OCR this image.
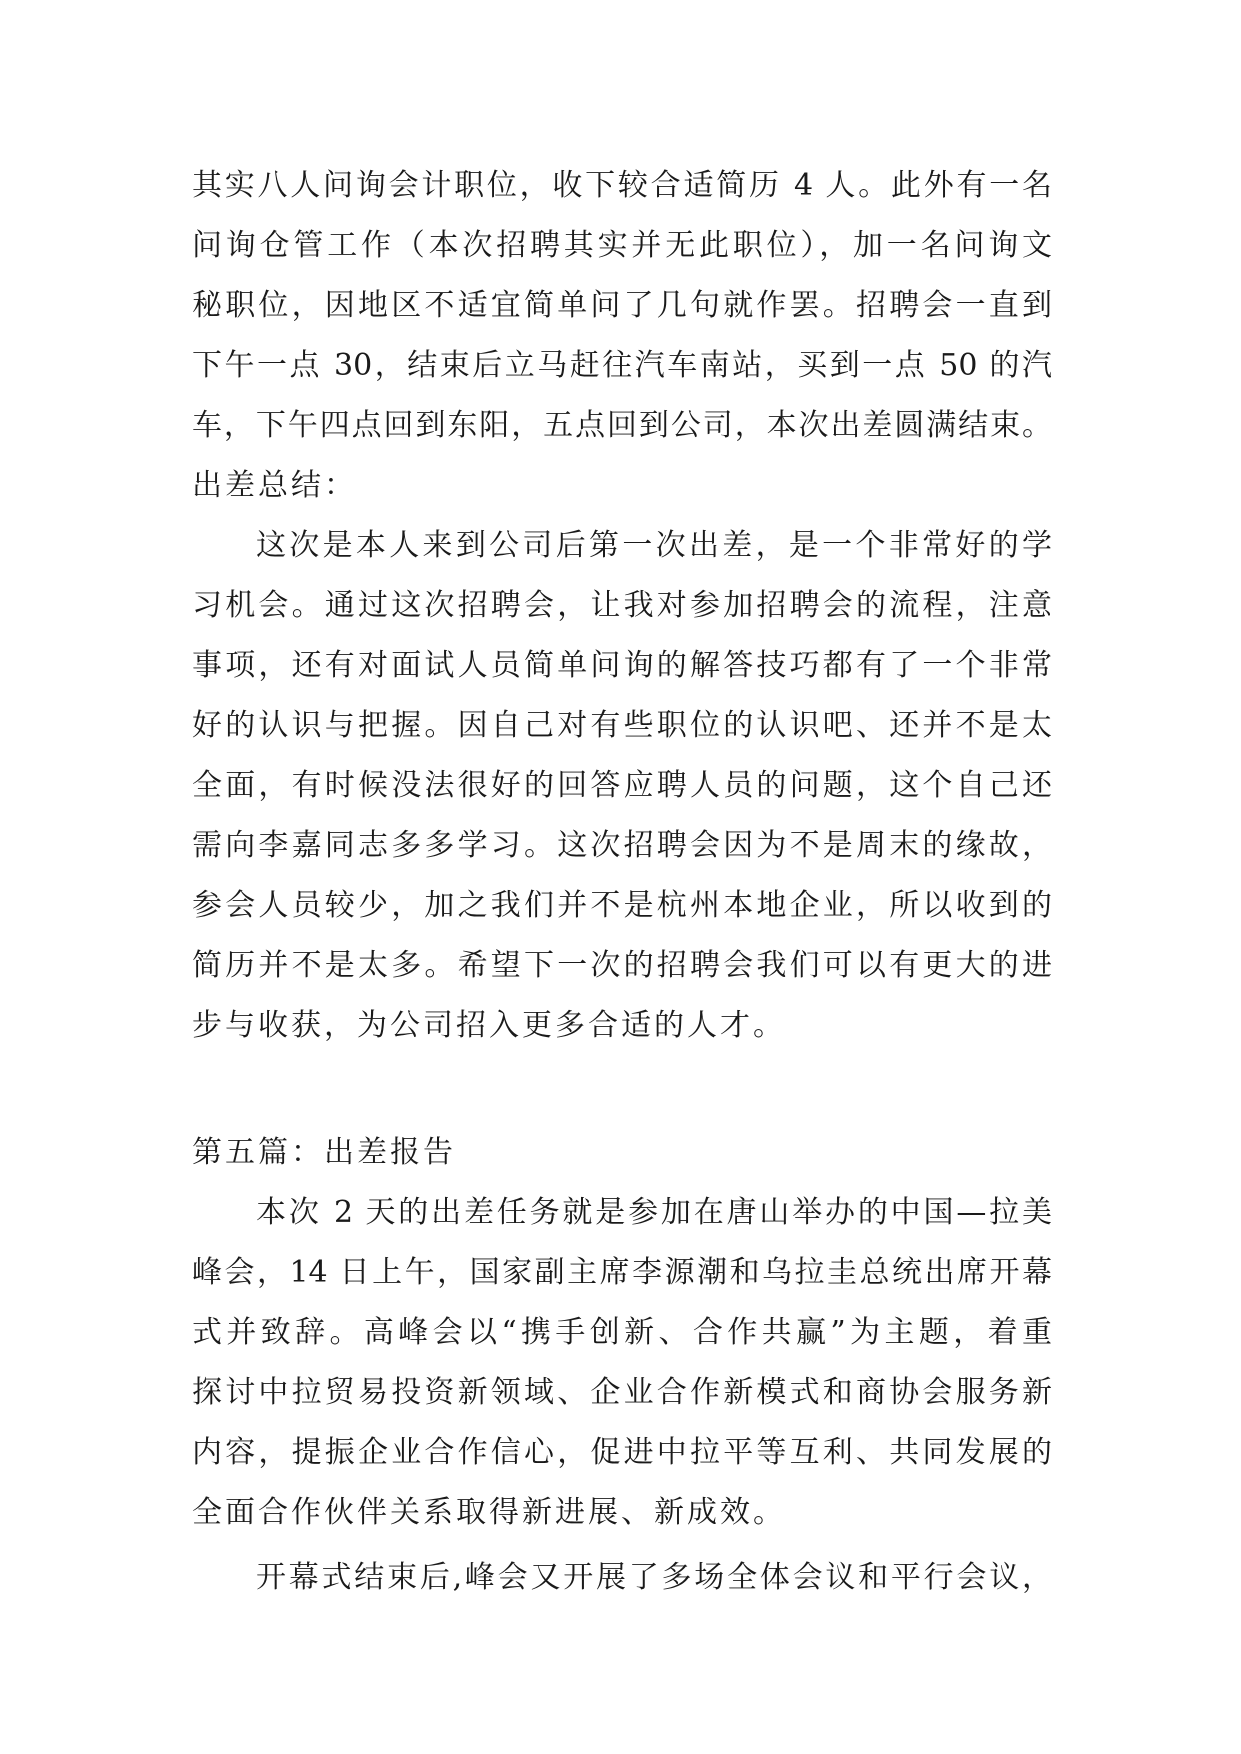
其实八人问询会计职位，收下较合适简历 4 人。此外有一名
问询仓管工作（本次招聘其实并无此职位），加一名问询文
秘职位，因地区不适宜简单问了几句就作罢。招聘会一直到
下午一点 30，结束后立马赶往汽车南站，买到一点 50 的汽
车，下午四点回到东阳，五点回到公司，本次出差圆满结束。
出差总结：
这次是本人来到公司后第一次出差，是一个非常好的学
习机会。通过这次招聘会，让我对参加招聘会的流程，注意
事项，还有对面试人员简单问询的解答技巧都有了一个非常
好的认识与把握。因自己对有些职位的认识吧、还并不是太
全面，有时候没法很好的回答应聘人员的问题，这个自己还
需向李嘉同志多多学习。这次招聘会因为不是周末的缘故，
参会人员较少，加之我们并不是杭州本地企业，所以收到的
简历并不是太多。希望下一次的招聘会我们可以有更大的进
步与收获，为公司招入更多合适的人才。
第五篇：出差报告
本次 2 天的出差任务就是参加在唐山举办的中国—拉美
峰会，14 日上午，国家副主席李源潮和乌拉圭总统出席开幕
式并致辞。高峰会以“携手创新、合作共赢”为主题，着重
探讨中拉贸易投资新领域、企业合作新模式和商协会服务新
内容，提振企业合作信心，促进中拉平等互利、共同发展的
全面合作伙伴关系取得新进展、新成效。
开幕式结束后,峰会又开展了多场全体会议和平行会议，
